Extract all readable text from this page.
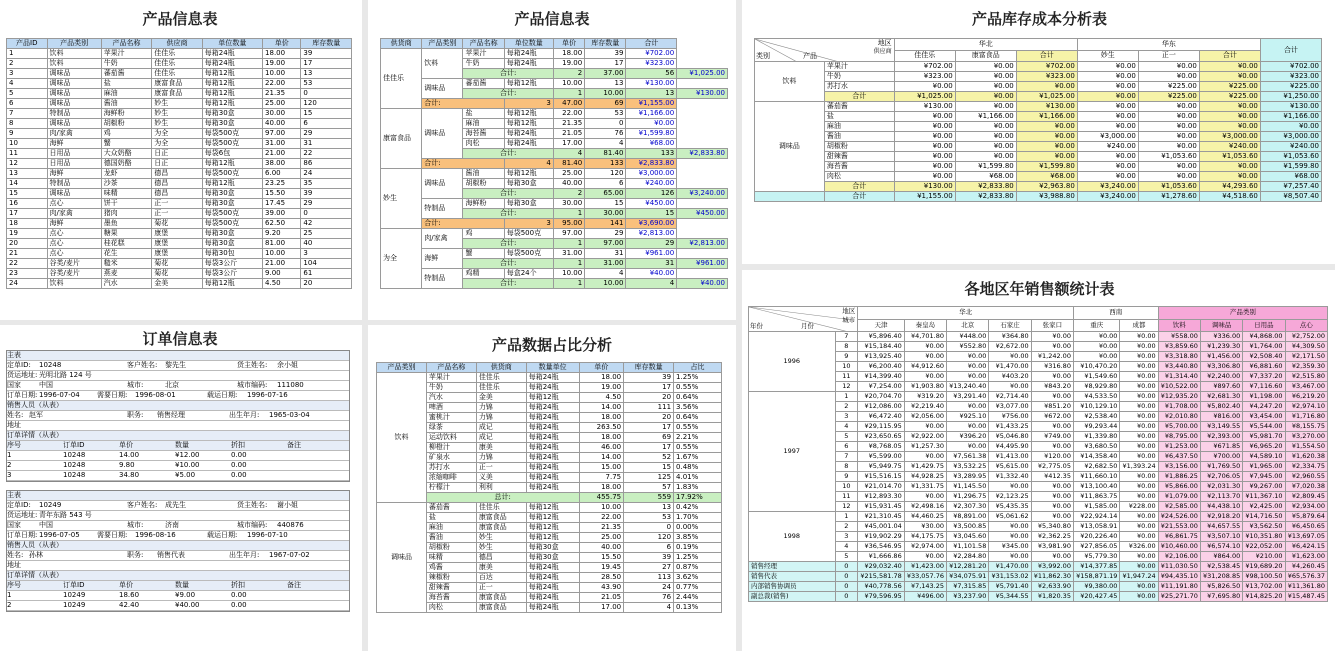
产品信息表
产品ID	产品类别	产品名称	供应商	单位数量	单价	库存数量
1	饮料	苹果汁	佳佳乐	每箱24瓶	18.00	39
2	饮料	牛奶	佳佳乐	每箱24瓶	19.00	17
3	调味品	蕃茄酱	佳佳乐	每箱12瓶	10.00	13
4	调味品	盐	康富食品	每箱12瓶	22.00	53
5	调味品	麻油	康富食品	每箱12瓶	21.35	0
6	调味品	酱油	妙生	每箱12瓶	25.00	120
7	特制品	海鲜粉	妙生	每箱30盒	30.00	15
8	调味品	胡椒粉	妙生	每箱30盒	40.00	6
9	肉/家禽	鸡	为全	每袋500克	97.00	29
10	海鲜	蟹	为全	每袋500克	31.00	31
11	日用品	大众奶酪	日正	每袋6包	21.00	22
12	日用品	德国奶酪	日正	每箱12瓶	38.00	86
13	海鲜	龙虾	德昌	每袋500克	6.00	24
14	特制品	沙茶	德昌	每箱12瓶	23.25	35
15	调味品	味精	德昌	每箱30盒	15.50	39
16	点心	饼干	正一	每箱30盒	17.45	29
17	肉/家禽	猪肉	正一	每袋500克	39.00	0
18	海鲜	墨鱼	菊花	每袋500克	62.50	42
19	点心	糖果	康堡	每箱30盒	9.20	25
20	点心	桂花糕	康堡	每箱30盒	81.00	40
21	点心	花生	康堡	每箱30包	10.00	3
22	谷类/麦片	糙米	菊花	每袋3公斤	21.00	104
23	谷类/麦片	燕麦	菊花	每袋3公斤	9.00	61
24	饮料	汽水	金美	每箱12瓶	4.50	20
产品信息表
供货商	产品类别	产品名称	单位数量	单价	库存数量	合计	
佳佳乐	饮料	苹果汁	每箱24瓶	18.00	39	¥702.00	
		牛奶	每箱24瓶	19.00	17	¥323.00	
		合计:		2	37.00	56	¥1,025.00
	调味品	蕃茄酱	每箱12瓶	10.00	13	¥130.00	
		合计:		1	10.00	13	¥130.00
	合计:		3	47.00	69	¥1,155.00	
康富食品	调味品	盐	每箱12瓶	22.00	53	¥1,166.00	
		麻油	每箱12瓶	21.35	0	¥0.00	
		海苔酱	每箱24瓶	21.05	76	¥1,599.80	
		肉松	每箱24瓶	17.00	4	¥68.00	
		合计:		4	81.40	133	¥2,833.80
	合计:		4	81.40	133	¥2,833.80	
妙生	调味品	酱油	每箱12瓶	25.00	120	¥3,000.00	
		胡椒粉	每箱30盒	40.00	6	¥240.00	
		合计:		2	65.00	126	¥3,240.00
	特制品	海鲜粉	每箱30盒	30.00	15	¥450.00	
		合计:		1	30.00	15	¥450.00
	合计:		3	95.00	141	¥3,690.00	
为全	肉/家禽	鸡	每袋500克	97.00	29	¥2,813.00	
		合计:		1	97.00	29	¥2,813.00
	海鲜	蟹	每袋500克	31.00	31	¥961.00	
		合计:		1	31.00	31	¥961.00
	特制品	鸡精	每盒24个	10.00	4	¥40.00	
		合计:		1	10.00	4	¥40.00
产品库存成本分析表
地区
供应商
类别 产品		华北			华东			合计
		佳佳乐	康富食品	合计	妙生	正一	合计	
饮料	苹果汁	¥702.00	¥0.00	¥702.00	¥0.00	¥0.00	¥0.00	¥702.00
	牛奶	¥323.00	¥0.00	¥323.00	¥0.00	¥0.00	¥0.00	¥323.00
	苏打水	¥0.00	¥0.00	¥0.00	¥0.00	¥225.00	¥225.00	¥225.00
	合计	¥1,025.00	¥0.00	¥1,025.00	¥0.00	¥225.00	¥225.00	¥1,250.00
调味品	蕃茄酱	¥130.00	¥0.00	¥130.00	¥0.00	¥0.00	¥0.00	¥130.00
	盐	¥0.00	¥1,166.00	¥1,166.00	¥0.00	¥0.00	¥0.00	¥1,166.00
	麻油	¥0.00	¥0.00	¥0.00	¥0.00	¥0.00	¥0.00	¥0.00
	酱油	¥0.00	¥0.00	¥0.00	¥3,000.00	¥0.00	¥3,000.00	¥3,000.00
	胡椒粉	¥0.00	¥0.00	¥0.00	¥240.00	¥0.00	¥240.00	¥240.00
	甜辣酱	¥0.00	¥0.00	¥0.00	¥0.00	¥1,053.60	¥1,053.60	¥1,053.60
	海苔酱	¥0.00	¥1,599.80	¥1,599.80	¥0.00	¥0.00	¥0.00	¥1,599.80
	肉松	¥0.00	¥68.00	¥68.00	¥0.00	¥0.00	¥0.00	¥68.00
	合计	¥130.00	¥2,833.80	¥2,963.80	¥3,240.00	¥1,053.60	¥4,293.60	¥7,257.40
	合计	¥1,155.00	¥2,833.80	¥3,988.80	¥3,240.00	¥1,278.60	¥4,518.60	¥8,507.40
订单信息表
主表
定单ID:	10248	客户姓名:	黎先生	货主姓名:	余小姐
货运地址: 光明北路 124 号
国家	中国	城市:	北京	城市编码:	111080
订单日期: 1996-07-04	需要日期:	1996-08-01	载运日期:	1996-07-16
销售人员（从表）
姓名: 赵军	职务:	销售经理	出生年月:	1965-03-04
地址
订单详情（从表）
序号	订单ID	单价	数量	折扣	备注
1	10248	14.00	¥12.00	0.00
2	10248	9.80	¥10.00	0.00
3	10248	34.80	¥5.00	0.00
主表
定单ID:	10249	客户姓名:	成先生	货主姓名:	谢小姐
货运地址: 青年东路 543 号
国家	中国	城市:	济南	城市编码:	440876
订单日期: 1996-07-05	需要日期:	1996-08-16	载运日期:	1996-07-10
销售人员（从表）
姓名: 孙林	职务:	销售代表	出生年月:	1967-07-02
地址
订单详情（从表）
序号	订单ID	单价	数量	折扣	备注
1	10249	18.60	¥9.00	0.00
2	10249	42.40	¥40.00	0.00
产品数据占比分析
产品类别	产品名称	供货商	数量单位	单价	库存数量	占比
饮料	苹果汁	佳佳乐	每箱24瓶	18.00	39	1.25%
	牛奶	佳佳乐	每箱24瓶	19.00	17	0.55%
	汽水	金美	每箱12瓶	4.50	20	0.64%
	啤酒	力锦	每箱24瓶	14.00	111	3.56%
	蜜桃汁	力锦	每箱24瓶	18.00	20	0.64%
	绿茶	成记	每箱24瓶	263.50	17	0.55%
	运动饮料	成记	每箱24瓶	18.00	69	2.21%
	柳橙汁	康美	每箱24瓶	46.00	17	0.55%
	矿泉水	力锦	每箱24瓶	14.00	52	1.67%
	苏打水	正一	每箱24瓶	15.00	15	0.48%
	浓缩咖啡	义美	每箱24瓶	7.75	125	4.01%
	柠檬汁	利利	每箱24瓶	18.00	57	1.83%
	总计:			455.75	559	17.92%
调味品	蕃茄酱	佳佳乐	每箱12瓶	10.00	13	0.42%
	盐	康富食品	每箱12瓶	22.00	53	1.70%
	麻油	康富食品	每箱12瓶	21.35	0	0.00%
	酱油	妙生	每箱12瓶	25.00	120	3.85%
	胡椒粉	妙生	每箱30盒	40.00	6	0.19%
	味精	德昌	每箱30盒	15.50	39	1.25%
	鸡酱	康美	每箱24瓶	19.45	27	0.87%
	辣椒粉	百达	每箱24瓶	28.50	113	3.62%
	甜辣酱	正一	每箱24瓶	43.90	24	0.77%
	海苔酱	康富食品	每箱24瓶	21.05	76	2.44%
	肉松	康富食品	每箱24瓶	17.00	4	0.13%
各地区年销售额统计表
地区
城市
年份 月份		华北					西南		产品类别			
		天津	秦皇岛	北京	石家庄	张家口	重庆	成都	饮料	调味品	日用品	点心
1996	7	¥5,896.40	¥4,701.80	¥448.00	¥364.80	¥0.00	¥0.00	¥0.00	¥558.00	¥336.00	¥4,868.00	¥2,752.00
	8	¥15,184.40	¥0.00	¥552.80	¥2,672.00	¥0.00	¥0.00	¥0.00	¥3,859.60	¥1,239.30	¥1,764.00	¥4,309.50
	9	¥13,925.40	¥0.00	¥0.00	¥0.00	¥1,242.00	¥0.00	¥0.00	¥3,318.80	¥1,456.00	¥2,508.40	¥2,171.50
	10	¥6,200.40	¥4,912.60	¥0.00	¥1,470.00	¥316.80	¥10,470.20	¥0.00	¥3,440.80	¥3,306.80	¥6,881.60	¥2,359.30
	11	¥14,399.40	¥0.00	¥0.00	¥403.20	¥0.00	¥1,549.60	¥0.00	¥1,314.40	¥2,240.00	¥7,337.20	¥2,515.80
	12	¥7,254.00	¥1,903.80	¥13,240.40	¥0.00	¥843.20	¥8,929.80	¥0.00	¥10,522.00	¥897.60	¥7,116.60	¥3,467.00
1997	1	¥20,704.70	¥319.20	¥3,291.40	¥2,714.40	¥0.00	¥4,533.50	¥0.00	¥12,935.20	¥2,681.30	¥1,198.00	¥6,219.20
	2	¥12,086.00	¥2,219.40	¥0.00	¥3,077.00	¥851.20	¥10,129.10	¥0.00	¥1,708.00	¥5,802.40	¥4,247.20	¥2,974.10
	3	¥6,472.40	¥2,056.00	¥925.10	¥756.00	¥672.00	¥2,538.40	¥0.00	¥2,010.80	¥816.00	¥3,454.00	¥1,716.80
	4	¥29,115.95	¥0.00	¥0.00	¥1,433.25	¥0.00	¥9,293.44	¥0.00	¥5,700.00	¥3,149.55	¥5,544.00	¥8,155.75
	5	¥23,650.65	¥2,922.00	¥396.20	¥5,046.80	¥749.00	¥1,339.80	¥0.00	¥8,795.00	¥2,393.00	¥5,981.70	¥3,270.00
	6	¥8,768.05	¥1,257.30	¥0.00	¥4,495.90	¥0.00	¥3,680.50	¥0.00	¥1,253.00	¥671.85	¥6,965.20	¥1,554.50
	7	¥5,599.00	¥0.00	¥7,561.38	¥1,413.00	¥120.00	¥14,358.40	¥0.00	¥6,437.50	¥700.00	¥4,589.10	¥1,620.38
	8	¥5,949.75	¥1,429.75	¥3,532.25	¥5,615.00	¥2,775.05	¥2,682.50	¥1,393.24	¥3,156.00	¥1,769.50	¥1,965.00	¥2,334.75
	9	¥15,516.15	¥4,928.25	¥3,289.95	¥1,332.40	¥412.35	¥11,660.10	¥0.00	¥1,886.25	¥2,706.05	¥7,945.00	¥2,960.55
	10	¥21,014.70	¥1,331.75	¥1,145.50	¥0.00	¥0.00	¥13,100.40	¥0.00	¥5,866.00	¥2,031.30	¥9,267.00	¥7,020.38
	11	¥12,893.30	¥0.00	¥1,296.75	¥2,123.25	¥0.00	¥11,863.75	¥0.00	¥1,079.00	¥2,113.70	¥11,367.10	¥2,809.45
	12	¥15,931.45	¥2,498.16	¥2,307.30	¥5,435.35	¥0.00	¥1,585.00	¥228.00	¥2,585.00	¥4,438.10	¥2,425.00	¥2,934.00
1998	1	¥21,310.45	¥4,460.25	¥8,891.00	¥5,061.62	¥0.00	¥22,924.14	¥0.00	¥24,526.00	¥2,918.20	¥14,716.50	¥5,879.64
	2	¥45,001.04	¥30.00	¥3,500.85	¥0.00	¥5,340.80	¥13,058.91	¥0.00	¥21,553.00	¥4,657.55	¥3,562.50	¥6,450.65
	3	¥19,902.29	¥4,175.75	¥3,045.60	¥0.00	¥2,362.25	¥20,226.40	¥0.00	¥6,861.75	¥3,507.10	¥10,351.80	¥13,697.05
	4	¥36,546.95	¥2,974.00	¥1,101.58	¥345.00	¥3,981.90	¥27,856.05	¥326.00	¥10,460.00	¥6,574.10	¥22,052.00	¥6,424.15
	5	¥1,666.86	¥0.00	¥2,284.80	¥0.00	¥0.00	¥5,779.30	¥0.00	¥2,106.00	¥864.00	¥210.00	¥1,623.00
销售经理	0	¥29,032.40	¥1,423.00	¥12,281.20	¥1,470.00	¥3,992.00	¥14,377.85	¥0.00	¥11,030.50	¥2,538.45	¥19,689.20	¥4,260.45
销售代表	0	¥215,581.78	¥33,057.76	¥34,075.91	¥31,153.02	¥11,862.30	¥158,871.19	¥1,947.24	¥94,435.10	¥31,208.85	¥98,100.50	¥65,576.37
内部销售协调员	0	¥40,778.56	¥7,143.25	¥7,315.85	¥5,791.40	¥2,633.90	¥9,380.00	¥0.00	¥11,191.80	¥5,826.50	¥13,702.00	¥11,361.80
副总裁(销售)	0	¥79,596.95	¥496.00	¥3,237.90	¥5,344.55	¥1,820.35	¥20,427.45	¥0.00	¥25,271.70	¥7,695.80	¥14,825.20	¥15,487.45
